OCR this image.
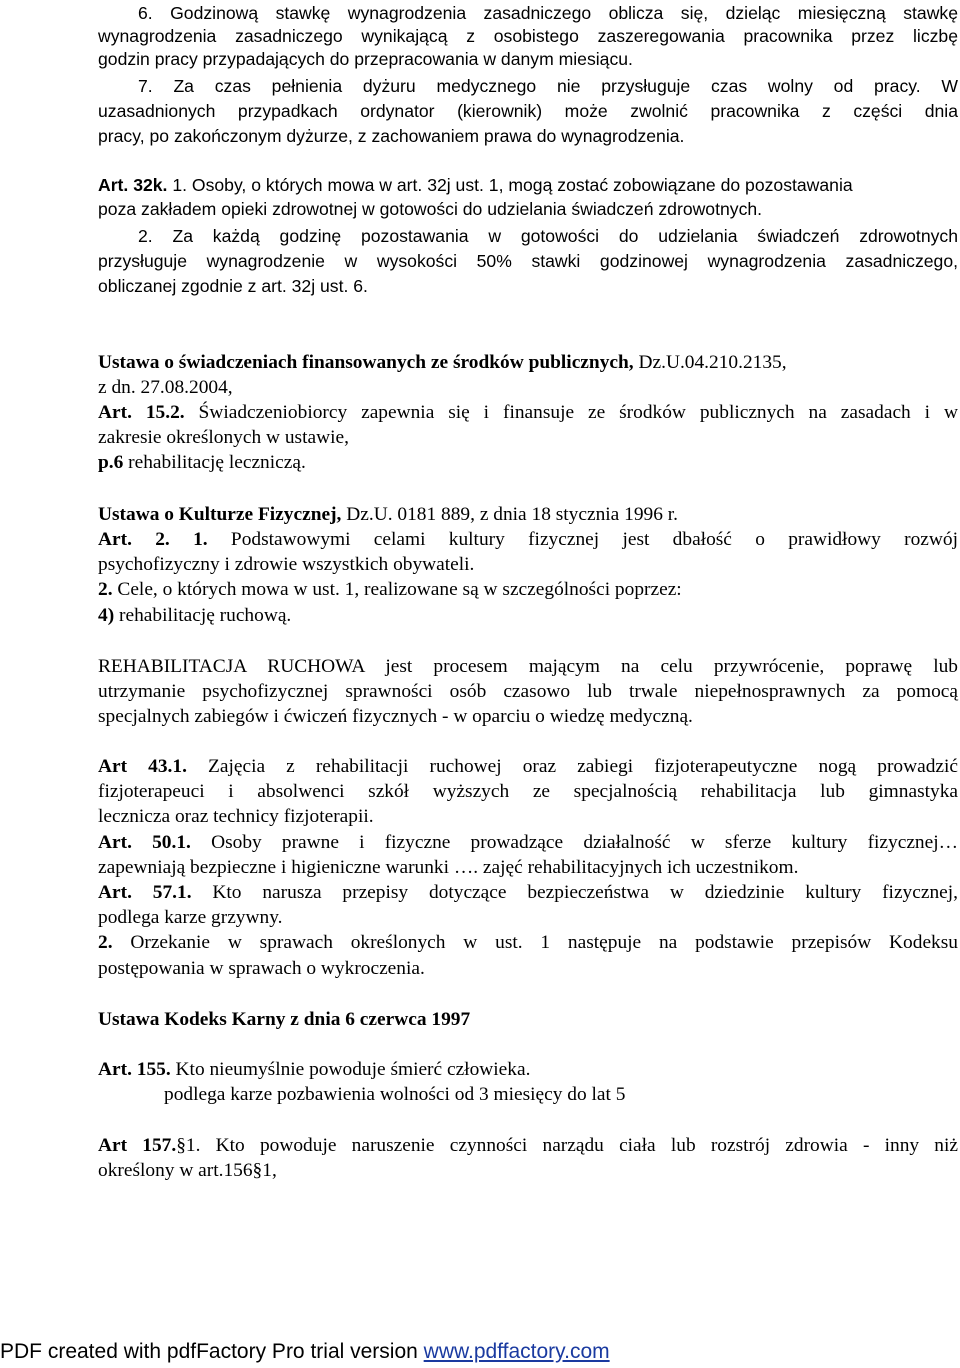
6. Godzinową stawkę wynagrodzenia zasadniczego oblicza się, dzieląc miesięczną stawkę
wynagrodzenia zasadniczego wynikającą z osobistego zaszeregowania pracownika przez liczbę
godzin pracy przypadających do przepracowania w danym miesiącu.
7. Za czas pełnienia dyżuru medycznego nie przysługuje czas wolny od pracy. W
uzasadnionych przypadkach ordynator (kierownik) może zwolnić pracownika z części dnia
pracy, po zakończonym dyżurze, z zachowaniem prawa do wynagrodzenia.
Art. 32k. 1. Osoby, o których mowa w art. 32j ust. 1, mogą zostać zobowiązane do pozostawania
poza zakładem opieki zdrowotnej w gotowości do udzielania świadczeń zdrowotnych.
2. Za każdą godzinę pozostawania w gotowości do udzielania świadczeń zdrowotnych
przysługuje wynagrodzenie w wysokości 50% stawki godzinowej wynagrodzenia zasadniczego,
obliczanej zgodnie z art. 32j ust. 6.
Ustawa o świadczeniach finansowanych ze środków publicznych, Dz.U.04.210.2135,
z dn. 27.08.2004,
Art. 15.2. Świadczeniobiorcy zapewnia się i finansuje ze środków publicznych na zasadach i w
zakresie określonych w ustawie,
p.6 rehabilitację leczniczą.
Ustawa o Kulturze Fizycznej, Dz.U. 0181 889, z dnia 18 stycznia 1996 r.
Art. 2. 1. Podstawowymi celami kultury fizycznej jest dbałość o prawidłowy rozwój
psychofizyczny i zdrowie wszystkich obywateli.
2. Cele, o których mowa w ust. 1, realizowane są w szczególności poprzez:
4) rehabilitację ruchową.
REHABILITACJA RUCHOWA jest procesem mającym na celu przywrócenie, poprawę lub
utrzymanie psychofizycznej sprawności osób czasowo lub trwale niepełnosprawnych za pomocą
specjalnych zabiegów i ćwiczeń fizycznych - w oparciu o wiedzę medyczną.
Art 43.1. Zajęcia z rehabilitacji ruchowej oraz zabiegi fizjoterapeutyczne nogą prowadzić
fizjoterapeuci i absolwenci szkół wyższych ze specjalnością rehabilitacja lub gimnastyka
lecznicza oraz technicy fizjoterapii.
Art. 50.1. Osoby prawne i fizyczne prowadzące działalność w sferze kultury fizycznej…
zapewniają bezpieczne i higieniczne warunki …. zajęć rehabilitacyjnych ich uczestnikom.
Art. 57.1. Kto narusza przepisy dotyczące bezpieczeństwa w dziedzinie kultury fizycznej,
podlega karze grzywny.
2. Orzekanie w sprawach określonych w ust. 1 następuje na podstawie przepisów Kodeksu
postępowania w sprawach o wykroczenia.
Ustawa Kodeks Karny z dnia 6 czerwca 1997
Art. 155. Kto nieumyślnie powoduje śmierć człowieka.
podlega karze pozbawienia wolności od 3 miesięcy do lat 5
Art 157.§1. Kto powoduje naruszenie czynności narządu ciała lub rozstrój zdrowia - inny niż
określony w art.156§1,
PDF created with pdfFactory Pro trial version www.pdffactory.com
